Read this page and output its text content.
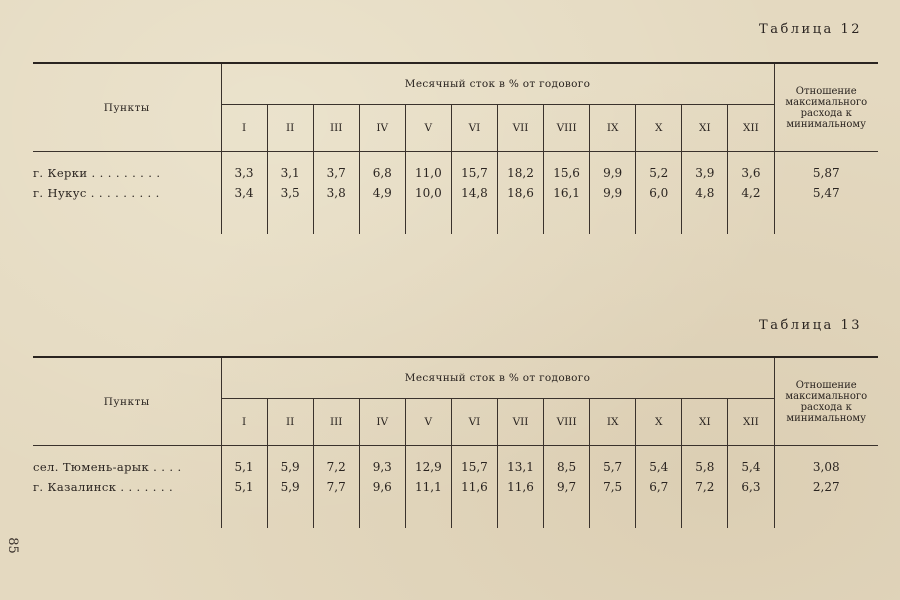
Таблица 12
Пункты	Месячный сток в % от годового												Отношение максимального расхода к минимальному
	I	II	III	IV	V	VI	VII	VIII	IX	X	XI	XII	
г. Керки . . . . . . . . .	3,3	3,1	3,7	6,8	11,0	15,7	18,2	15,6	9,9	5,2	3,9	3,6	5,87
г. Нукус . . . . . . . . .	3,4	3,5	3,8	4,9	10,0	14,8	18,6	16,1	9,9	6,0	4,8	4,2	5,47

Таблица 13
Пункты	Месячный сток в % от годового												Отношение максимального расхода к минимальному
	I	II	III	IV	V	VI	VII	VIII	IX	X	XI	XII	
сел. Тюмень-арык . . . .	5,1	5,9	7,2	9,3	12,9	15,7	13,1	8,5	5,7	5,4	5,8	5,4	3,08
г. Казалинск . . . . . . .	5,1	5,9	7,7	9,6	11,1	11,6	11,6	9,7	7,5	6,7	7,2	6,3	2,27

85
